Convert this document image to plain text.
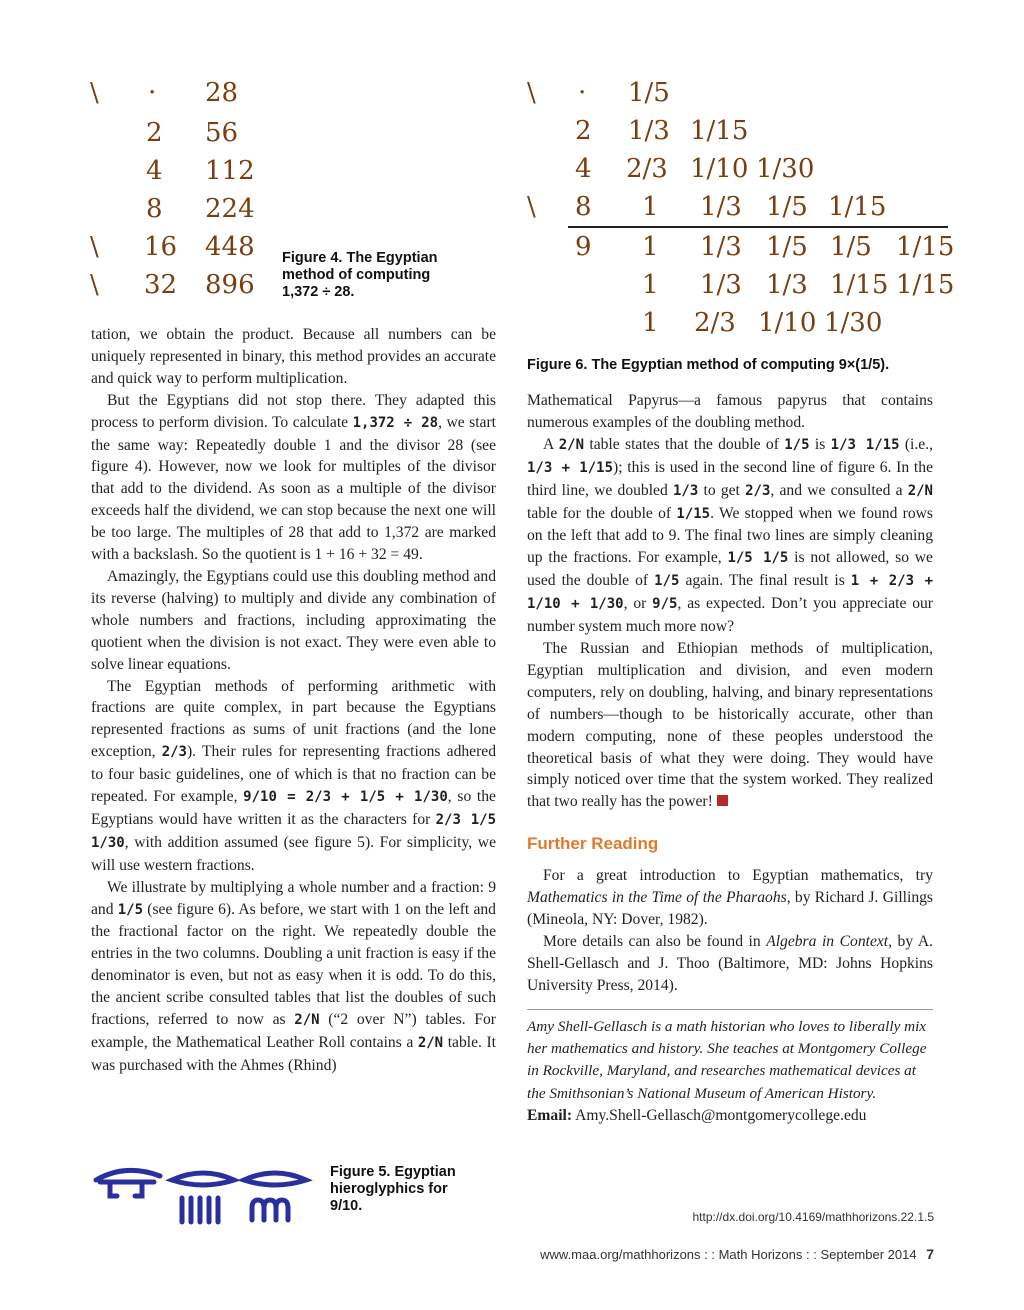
\ · 28
2 56
4 112
8 224
\ 16 448
\ 32 896
Figure 4. The Egyptian
method of computing
1,372 ÷ 28.
\ · 1/5
2 1/3 1/15
4 2/3 1/10 1/30
\ 8 1 1/3 1/5 1/15
9 1 1/3 1/5 1/5 1/15
1 1/3 1/3 1/15 1/15
1 2/3 1/10 1/30
Figure 6. The Egyptian method of computing 9×(1/5).

tation, we obtain the product. Because all numbers can be uniquely represented in binary, this method provides an accurate and quick way to perform multiplication.

But the Egyptians did not stop there. They adapted this process to perform division. To calculate 1,372 ÷ 28, we start the same way: Repeatedly double 1 and the divisor 28 (see figure 4). However, now we look for multiples of the divisor that add to the dividend. As soon as a multiple of the divisor exceeds half the dividend, we can stop because the next one will be too large. The multiples of 28 that add to 1,372 are marked with a backslash. So the quotient is 1 + 16 + 32 = 49.

Amazingly, the Egyptians could use this doubling method and its reverse (halving) to multiply and divide any combination of whole numbers and fractions, including approximating the quotient when the division is not exact. They were even able to solve linear equations.

The Egyptian methods of performing arithmetic with fractions are quite complex, in part because the Egyptians represented fractions as sums of unit fractions (and the lone exception, 2/3). Their rules for representing fractions adhered to four basic guidelines, one of which is that no fraction can be repeated. For example, 9/10 = 2/3 + 1/5 + 1/30, so the Egyptians would have written it as the characters for 2/3 1/5 1/30, with addition assumed (see figure 5). For simplicity, we will use western fractions.

We illustrate by multiplying a whole number and a fraction: 9 and 1/5 (see figure 6). As before, we start with 1 on the left and the fractional factor on the right. We repeatedly double the entries in the two columns. Doubling a unit fraction is easy if the denominator is even, but not as easy when it is odd. To do this, the ancient scribe consulted tables that list the doubles of such fractions, referred to now as 2/N (“2 over N”) tables. For example, the Mathematical Leather Roll contains a 2/N table. It was purchased with the Ahmes (Rhind)

Figure 5. Egyptian
hieroglyphics for
9/10.

Mathematical Papyrus—a famous papyrus that contains numerous examples of the doubling method.

A 2/N table states that the double of 1/5 is 1/3 1/15 (i.e., 1/3 + 1/15); this is used in the second line of figure 6. In the third line, we doubled 1/3 to get 2/3, and we consulted a 2/N table for the double of 1/15. We stopped when we found rows on the left that add to 9. The final two lines are simply cleaning up the fractions. For example, 1/5 1/5 is not allowed, so we used the double of 1/5 again. The final result is 1 + 2/3 + 1/10 + 1/30, or 9/5, as expected. Don’t you appreciate our number system much more now?

The Russian and Ethiopian methods of multiplication, Egyptian multiplication and division, and even modern computers, rely on doubling, halving, and binary representations of numbers—though to be historically accurate, other than modern computing, none of these peoples understood the theoretical basis of what they were doing. They would have simply noticed over time that the system worked. They realized that two really has the power!

Further Reading

For a great introduction to Egyptian mathematics, try Mathematics in the Time of the Pharaohs, by Richard J. Gillings (Mineola, NY: Dover, 1982).

More details can also be found in Algebra in Context, by A. Shell-Gellasch and J. Thoo (Baltimore, MD: Johns Hopkins University Press, 2014).

Amy Shell-Gellasch is a math historian who loves to liberally mix her mathematics and history. She teaches at Montgomery College in Rockville, Maryland, and researches mathematical devices at the Smithsonian’s National Museum of American History.

Email: Amy.Shell-Gellasch@montgomerycollege.edu

http://dx.doi.org/10.4169/mathhorizons.22.1.5
www.maa.org/mathhorizons : : Math Horizons : : September 2014 7
